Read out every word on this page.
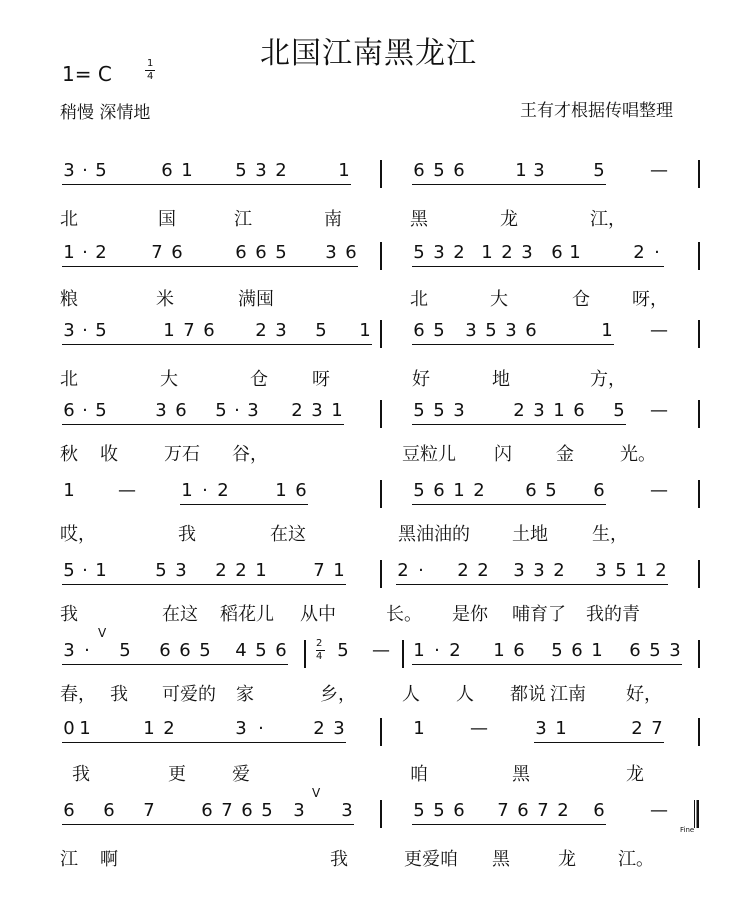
北国江南黑龙江
1= C	1
4
稍慢 深情地	王有才根据传唱整理
3 · 5	6 1 5 3 2	1	6 5 6	1 3	5	—
北	国	江	南	黑	龙	江，
1 · 2 7 6	6 6 5 3 6	5 3 2 1 2 3 6 1	2 ·
粮	米	满囤	北	大	仓 呀，
3 · 5	1 7 6 2 3 5 1 6 5 3 5 3 6	1 —
北	大	仓 呀	好	地	方，
6 · 5	3 6 5 · 3 2 3 1	5 5 3	2 3 1 6 5 —
秋 收	万石 谷，	豆粒儿 闪 金	光。
1 —	1 · 2	1 6	5 6 1 2 6 5 6	—
哎，	我	在这	黑油油的 土地 生，
5 · 1	5 3 2 2 1	7 1	2 ·	2 2 3 3 2 3 5 1 2
我	在这 稻花儿 从中	长。 是你 哺育了 我的青
3 ·	5 6 6 5 4 5 6	5 — 1 · 2 1 6 5 6 1 6 5 3
春， 我 可爱的 家	乡，	人 人 都说 江南 好，
0 1	1 2	3 ·	2 3	1	—	3 1	2 7
我	更	爱	咱	黑	龙
6 6 7	6 7 6 5 3 3	5 5 6 7 6 7 2 6	—
江 啊	我	更爱咱 黑	龙 江。
2
4
Fine
V
V
